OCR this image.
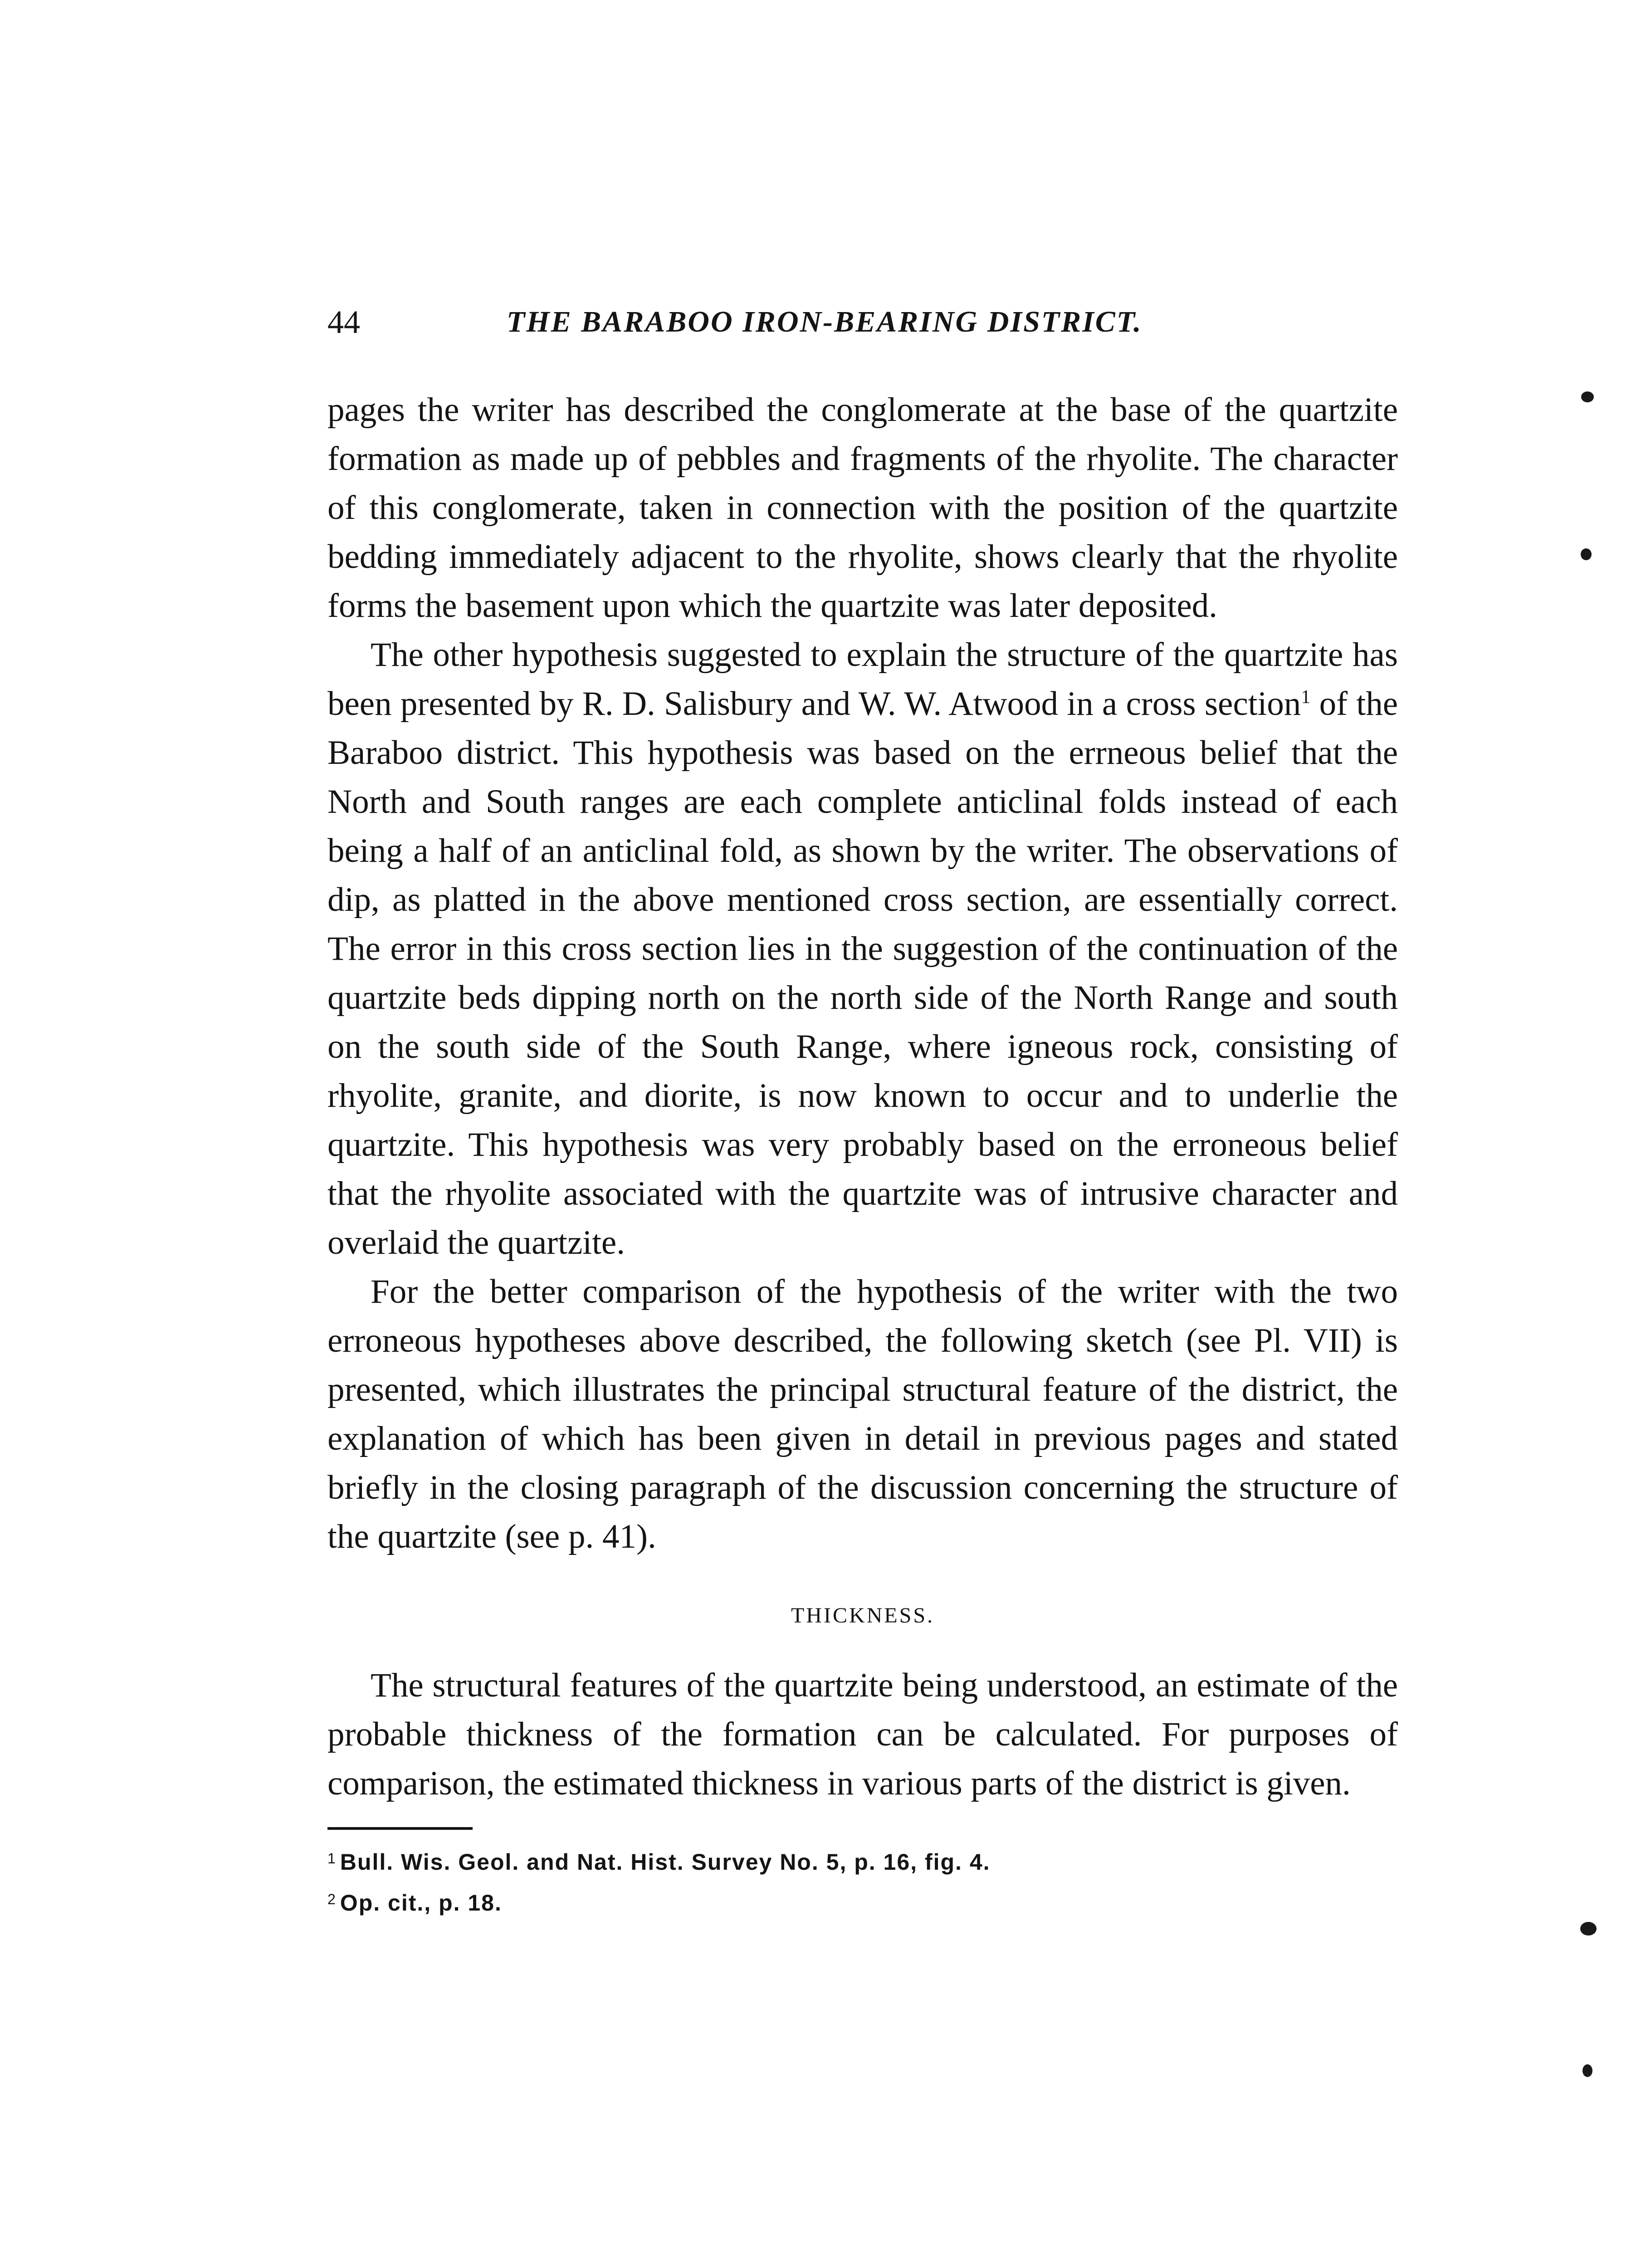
44	THE BARABOO IRON-BEARING DISTRICT.

pages the writer has described the conglomerate at the base of the quartzite formation as made up of pebbles and fragments of the rhyolite. The character of this conglomerate, taken in connection with the position of the quartzite bedding immediately adjacent to the rhyolite, shows clearly that the rhyolite forms the basement upon which the quartzite was later deposited.

The other hypothesis suggested to explain the structure of the quartzite has been presented by R. D. Salisbury and W. W. Atwood in a cross section$^1$ of the Baraboo district. This hypothesis was based on the errneous belief that the North and South ranges are each complete anticlinal folds instead of each being a half of an anticlinal fold, as shown by the writer. The observations of dip, as platted in the above mentioned cross section, are essentially correct. The error in this cross section lies in the suggestion of the continuation of the quartzite beds dipping north on the north side of the North Range and south on the south side of the South Range, where igneous rock, consisting of rhyolite, granite, and diorite, is now known to occur and to underlie the quartzite. This hypothesis was very probably based on the erroneous belief that the rhyolite associated with the quartzite was of intrusive character and overlaid the quartzite.

For the better comparison of the hypothesis of the writer with the two erroneous hypotheses above described, the following sketch (see Pl. VII) is presented, which illustrates the principal structural feature of the district, the explanation of which has been given in detail in previous pages and stated briefly in the closing paragraph of the discussion concerning the structure of the quartzite (see p. 41).

THICKNESS.

The structural features of the quartzite being understood, an estimate of the probable thickness of the formation can be calculated. For purposes of comparison, the estimated thickness in various parts of the district is given.

$^1$ Bull. Wis. Geol. and Nat. Hist. Survey No. 5, p. 16, fig. 4.
$^2$ Op. cit., p. 18.
